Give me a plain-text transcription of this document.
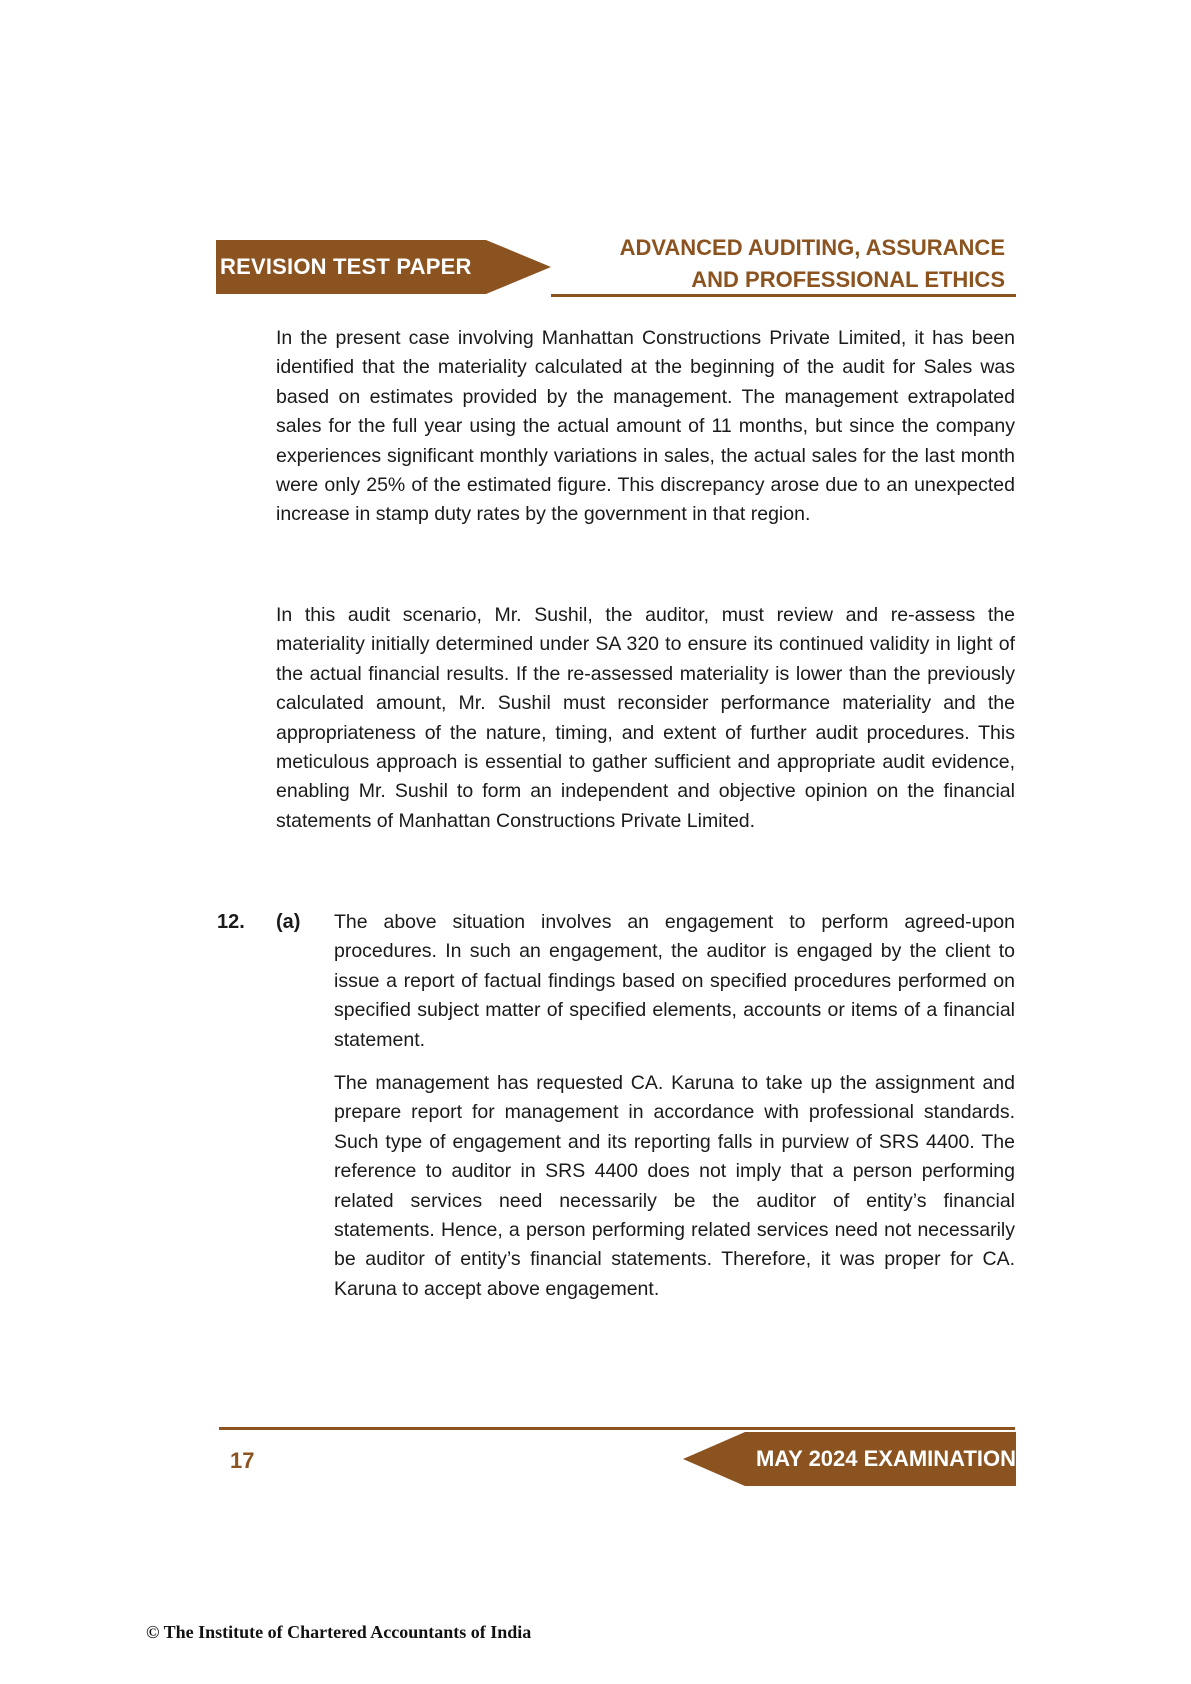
REVISION TEST PAPER
ADVANCED AUDITING, ASSURANCE
AND PROFESSIONAL ETHICS
In the present case involving Manhattan Constructions Private Limited, it has been identified that the materiality calculated at the beginning of the audit for Sales was based on estimates provided by the management. The management extrapolated sales for the full year using the actual amount of 11 months, but since the company experiences significant monthly variations in sales, the actual sales for the last month were only 25% of the estimated figure. This discrepancy arose due to an unexpected increase in stamp duty rates by the government in that region.
In this audit scenario, Mr. Sushil, the auditor, must review and re-assess the materiality initially determined under SA 320 to ensure its continued validity in light of the actual financial results. If the re-assessed materiality is lower than the previously calculated amount, Mr. Sushil must reconsider performance materiality and the appropriateness of the nature, timing, and extent of further audit procedures. This meticulous approach is essential to gather sufficient and appropriate audit evidence, enabling Mr. Sushil to form an independent and objective opinion on the financial statements of Manhattan Constructions Private Limited.
12. (a) The above situation involves an engagement to perform agreed-upon procedures. In such an engagement, the auditor is engaged by the client to issue a report of factual findings based on specified procedures performed on specified subject matter of specified elements, accounts or items of a financial statement.
The management has requested CA. Karuna to take up the assignment and prepare report for management in accordance with professional standards. Such type of engagement and its reporting falls in purview of SRS 4400. The reference to auditor in SRS 4400 does not imply that a person performing related services need necessarily be the auditor of entity’s financial statements. Hence, a person performing related services need not necessarily be auditor of entity’s financial statements. Therefore, it was proper for CA. Karuna to accept above engagement.
17	MAY 2024 EXAMINATION
© The Institute of Chartered Accountants of India
